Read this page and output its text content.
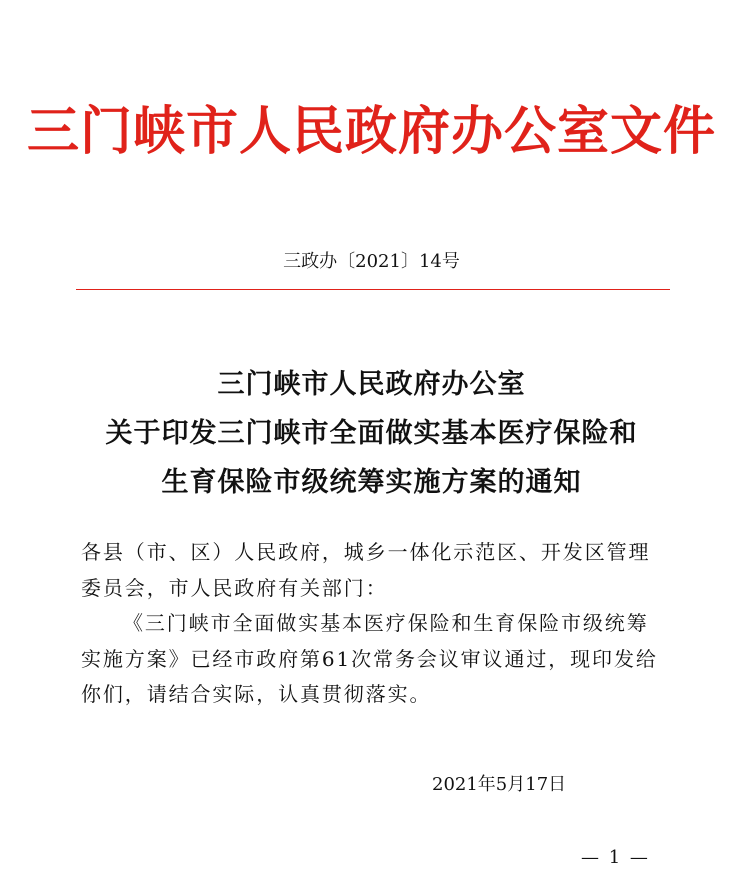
三门峡市人民政府办公室文件
三政办〔2021〕14号
三门峡市人民政府办公室
关于印发三门峡市全面做实基本医疗保险和
生育保险市级统筹实施方案的通知

各县（市、区）人民政府，城乡一体化示范区、开发区管理委员会，市人民政府有关部门：

《三门峡市全面做实基本医疗保险和生育保险市级统筹实施方案》已经市政府第61次常务会议审议通过，现印发给你们，请结合实际，认真贯彻落实。

2021年5月17日
— 1 —
